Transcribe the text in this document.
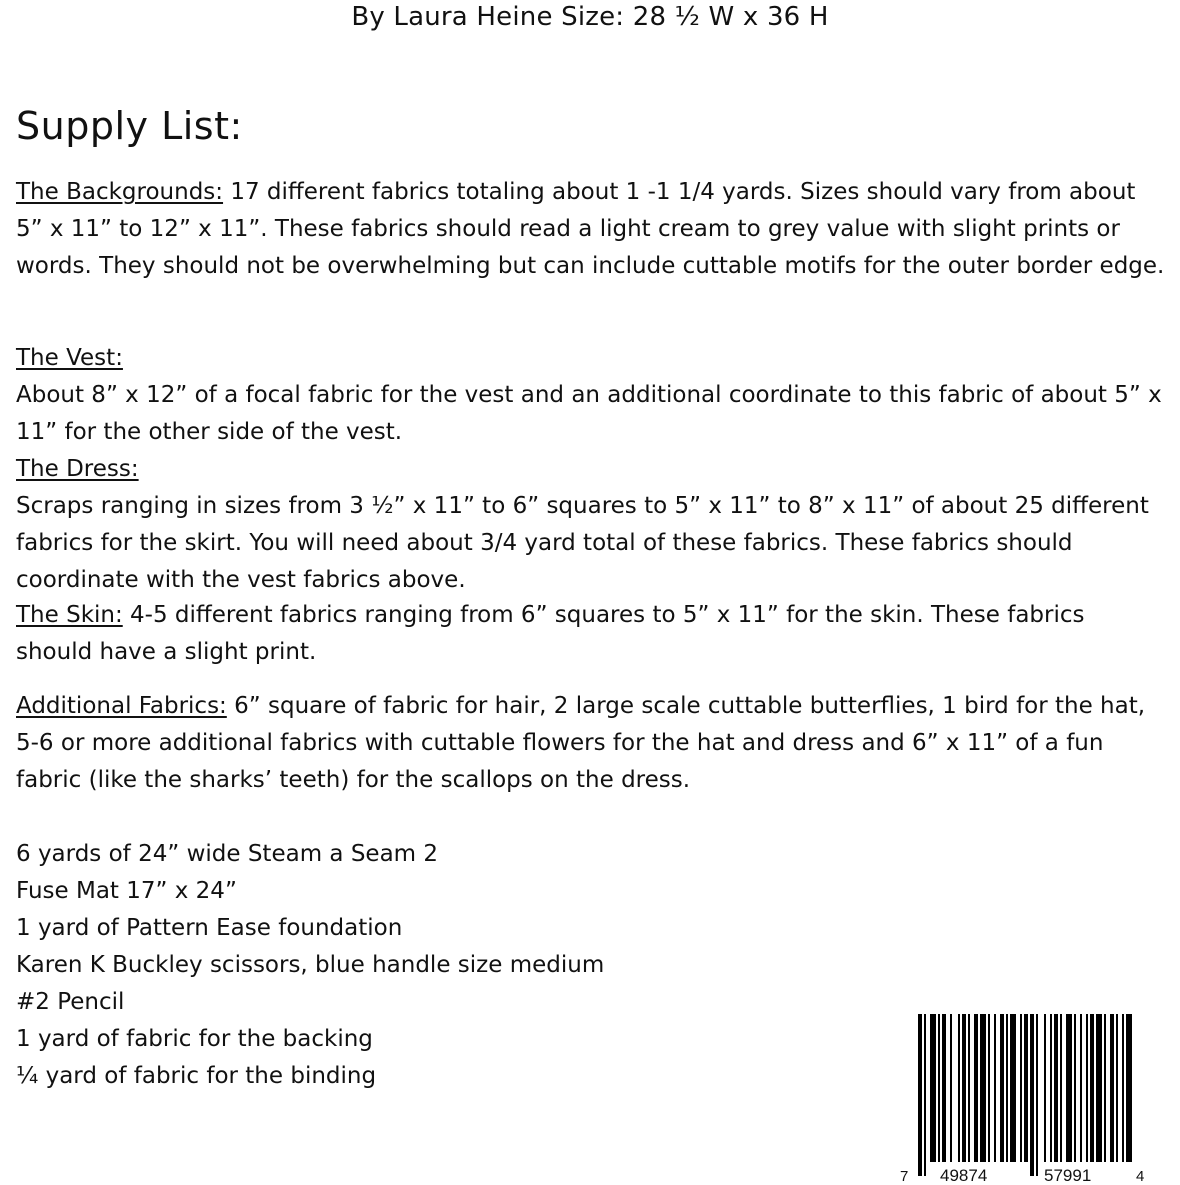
By Laura Heine Size: 28 ½ W x 36 H
Supply List:
The Backgrounds: 17 different fabrics totaling about 1 -1 1/4 yards. Sizes should vary from about 5” x 11” to 12” x 11”. These fabrics should read a light cream to grey value with slight prints or words. They should not be overwhelming but can include cuttable motifs for the outer border edge.
The Vest:
About 8” x 12” of a focal fabric for the vest and an additional coordinate to this fabric of about 5” x 11” for the other side of the vest.
The Dress:
Scraps ranging in sizes from 3 ½” x 11” to 6” squares to 5” x 11” to 8” x 11” of about 25 different fabrics for the skirt. You will need about 3/4 yard total of these fabrics. These fabrics should coordinate with the vest fabrics above.
The Skin: 4-5 different fabrics ranging from 6” squares to 5” x 11” for the skin. These fabrics should have a slight print.
Additional Fabrics: 6” square of fabric for hair, 2 large scale cuttable butterflies, 1 bird for the hat, 5-6 or more additional fabrics with cuttable flowers for the hat and dress and 6” x 11” of a fun fabric (like the sharks’ teeth) for the scallops on the dress.
6 yards of 24” wide Steam a Seam 2
Fuse Mat 17” x 24”
1 yard of Pattern Ease foundation
Karen K Buckley scissors, blue handle size medium
#2 Pencil
1 yard of fabric for the backing
¼ yard of fabric for the binding
7 49874	57991	4
